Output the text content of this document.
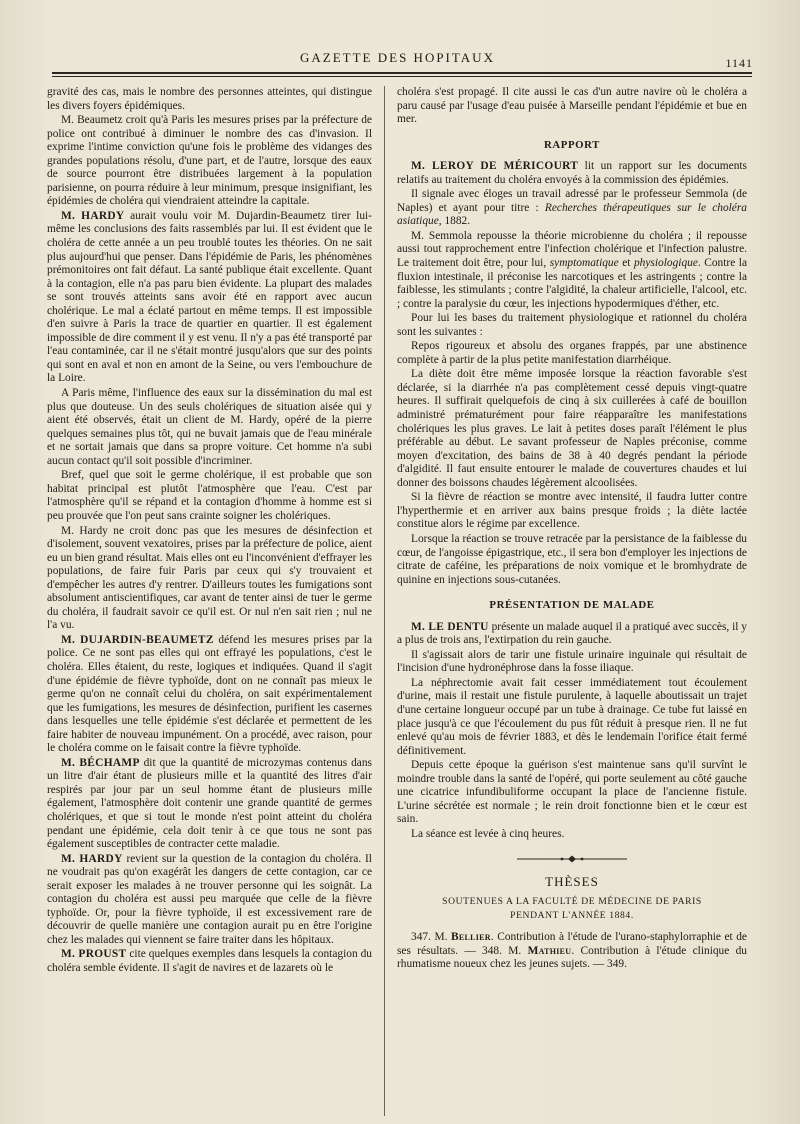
GAZETTE DES HOPITAUX	1141

gravité des cas, mais le nombre des personnes atteintes, qui distingue les divers foyers épidémiques.

M. Beaumetz croit qu'à Paris les mesures prises par la préfecture de police ont contribué à diminuer le nombre des cas d'invasion. Il exprime l'intime conviction qu'une fois le problème des vidanges des grandes populations résolu, d'une part, et de l'autre, lorsque des eaux de source pourront être distribuées largement à la population parisienne, on pourra réduire à leur minimum, presque insignifiant, les épidémies de choléra qui viendraient atteindre la capitale.

M. HARDY aurait voulu voir M. Dujardin-Beaumetz tirer lui-même les conclusions des faits rassemblés par lui. Il est évident que le choléra de cette année a un peu troublé toutes les théories. On ne sait plus aujourd'hui que penser. Dans l'épidémie de Paris, les phénomènes prémonitoires ont fait défaut. La santé publique était excellente. Quant à la contagion, elle n'a pas paru bien évidente. La plupart des malades se sont trouvés atteints sans avoir été en rapport avec aucun cholérique. Le mal a éclaté partout en même temps. Il est impossible d'en suivre à Paris la trace de quartier en quartier. Il est également impossible de dire comment il y est venu. Il n'y a pas été transporté par l'eau contaminée, car il ne s'était montré jusqu'alors que sur des points qui sont en aval et non en amont de la Seine, ou vers l'embouchure de la Loire.

A Paris même, l'influence des eaux sur la dissémination du mal est plus que douteuse. Un des seuls cholériques de situation aisée qui y aient été observés, était un client de M. Hardy, opéré de la pierre quelques semaines plus tôt, qui ne buvait jamais que de l'eau minérale et ne sortait jamais que dans sa propre voiture. Cet homme n'a subi aucun contact qu'il soit possible d'incriminer.

Bref, quel que soit le germe cholérique, il est probable que son habitat principal est plutôt l'atmosphère que l'eau. C'est par l'atmosphère qu'il se répand et la contagion d'homme à homme est si peu prouvée que l'on peut sans crainte soigner les cholériques.

M. Hardy ne croit donc pas que les mesures de désinfection et d'isolement, souvent vexatoires, prises par la préfecture de police, aient eu un bien grand résultat. Mais elles ont eu l'inconvénient d'effrayer les populations, de faire fuir Paris par ceux qui s'y trouvaient et d'empêcher les autres d'y rentrer. D'ailleurs toutes les fumigations sont absolument antiscientifiques, car avant de tenter ainsi de tuer le germe du choléra, il faudrait savoir ce qu'il est. Or nul n'en sait rien ; nul ne l'a vu.

M. DUJARDIN-BEAUMETZ défend les mesures prises par la police. Ce ne sont pas elles qui ont effrayé les populations, c'est le choléra. Elles étaient, du reste, logiques et indiquées. Quand il s'agit d'une épidémie de fièvre typhoïde, dont on ne connaît pas mieux le germe qu'on ne connaît celui du choléra, on sait expérimentalement que les fumigations, les mesures de désinfection, purifient les casernes dans lesquelles une telle épidémie s'est déclarée et permettent de les faire habiter de nouveau impunément. On a procédé, avec raison, pour le choléra comme on le faisait contre la fièvre typhoïde.

M. BÉCHAMP dit que la quantité de microzymas contenus dans un litre d'air étant de plusieurs mille et la quantité des litres d'air respirés par jour par un seul homme étant de plusieurs mille également, l'atmosphère doit contenir une grande quantité de germes cholériques, et que si tout le monde n'est point atteint du choléra pendant une épidémie, cela doit tenir à ce que tous ne sont pas également susceptibles de contracter cette maladie.

M. HARDY revient sur la question de la contagion du choléra. Il ne voudrait pas qu'on exagérât les dangers de cette contagion, car ce serait exposer les malades à ne trouver personne qui les soignât. La contagion du choléra est aussi peu marquée que celle de la fièvre typhoïde. Or, pour la fièvre typhoïde, il est excessivement rare de découvrir de quelle manière une contagion aurait pu en être l'origine chez les malades qui viennent se faire traiter dans les hôpitaux.

M. PROUST cite quelques exemples dans lesquels la contagion du choléra semble évidente. Il s'agit de navires et de lazarets où le

choléra s'est propagé. Il cite aussi le cas d'un autre navire où le choléra a paru causé par l'usage d'eau puisée à Marseille pendant l'épidémie et bue en mer.

RAPPORT

M. LEROY DE MÉRICOURT lit un rapport sur les documents relatifs au traitement du choléra envoyés à la commission des épidémies.

Il signale avec éloges un travail adressé par le professeur Semmola (de Naples) et ayant pour titre : Recherches thérapeutiques sur le choléra asiatique, 1882.

M. Semmola repousse la théorie microbienne du choléra ; il repousse aussi tout rapprochement entre l'infection cholérique et l'infection palustre. Le traitement doit être, pour lui, symptomatique et physiologique. Contre la fluxion intestinale, il préconise les narcotiques et les astringents ; contre la faiblesse, les stimulants ; contre l'algidité, la chaleur artificielle, l'alcool, etc. ; contre la paralysie du cœur, les injections hypodermiques d'éther, etc.

Pour lui les bases du traitement physiologique et rationnel du choléra sont les suivantes :

Repos rigoureux et absolu des organes frappés, par une abstinence complète à partir de la plus petite manifestation diarrhéique.

La diète doit être même imposée lorsque la réaction favorable s'est déclarée, si la diarrhée n'a pas complètement cessé depuis vingt-quatre heures. Il suffirait quelquefois de cinq à six cuillerées à café de bouillon administré prématurément pour faire réapparaître les manifestations cholériques les plus graves. Le lait à petites doses paraît l'élément le plus préférable au début. Le savant professeur de Naples préconise, comme moyen d'excitation, des bains de 38 à 40 degrés pendant la période d'algidité. Il faut ensuite entourer le malade de couvertures chaudes et lui donner des boissons chaudes légèrement alcoolisées.

Si la fièvre de réaction se montre avec intensité, il faudra lutter contre l'hyperthermie et en arriver aux bains presque froids ; la diète lactée constitue alors le régime par excellence.

Lorsque la réaction se trouve retracée par la persistance de la faiblesse du cœur, de l'angoisse épigastrique, etc., il sera bon d'employer les injections de citrate de caféine, les préparations de noix vomique et le bromhydrate de quinine en injections sous-cutanées.

PRÉSENTATION DE MALADE

M. LE DENTU présente un malade auquel il a pratiqué avec succès, il y a plus de trois ans, l'extirpation du rein gauche.

Il s'agissait alors de tarir une fistule urinaire inguinale qui résultait de l'incision d'une hydronéphrose dans la fosse iliaque.

La néphrectomie avait fait cesser immédiatement tout écoulement d'urine, mais il restait une fistule purulente, à laquelle aboutissait un trajet d'une certaine longueur occupé par un tube à drainage. Ce tube fut laissé en place jusqu'à ce que l'écoulement du pus fût réduit à presque rien. Il ne fut enlevé qu'au mois de février 1883, et dès le lendemain l'orifice était fermé définitivement.

Depuis cette époque la guérison s'est maintenue sans qu'il survînt le moindre trouble dans la santé de l'opéré, qui porte seulement au côté gauche une cicatrice infundibuliforme occupant la place de l'ancienne fistule. L'urine sécrétée est normale ; le rein droit fonctionne bien et le cœur est sain.

La séance est levée à cinq heures.

THÈSES
SOUTENUES A LA FACULTÉ DE MÉDECINE DE PARIS
PENDANT L'ANNÉE 1884.

347. M. Bellier. Contribution à l'étude de l'urano-staphylorraphie et de ses résultats. — 348. M. Mathieu. Contribution à l'étude clinique du rhumatisme noueux chez les jeunes sujets. — 349.
